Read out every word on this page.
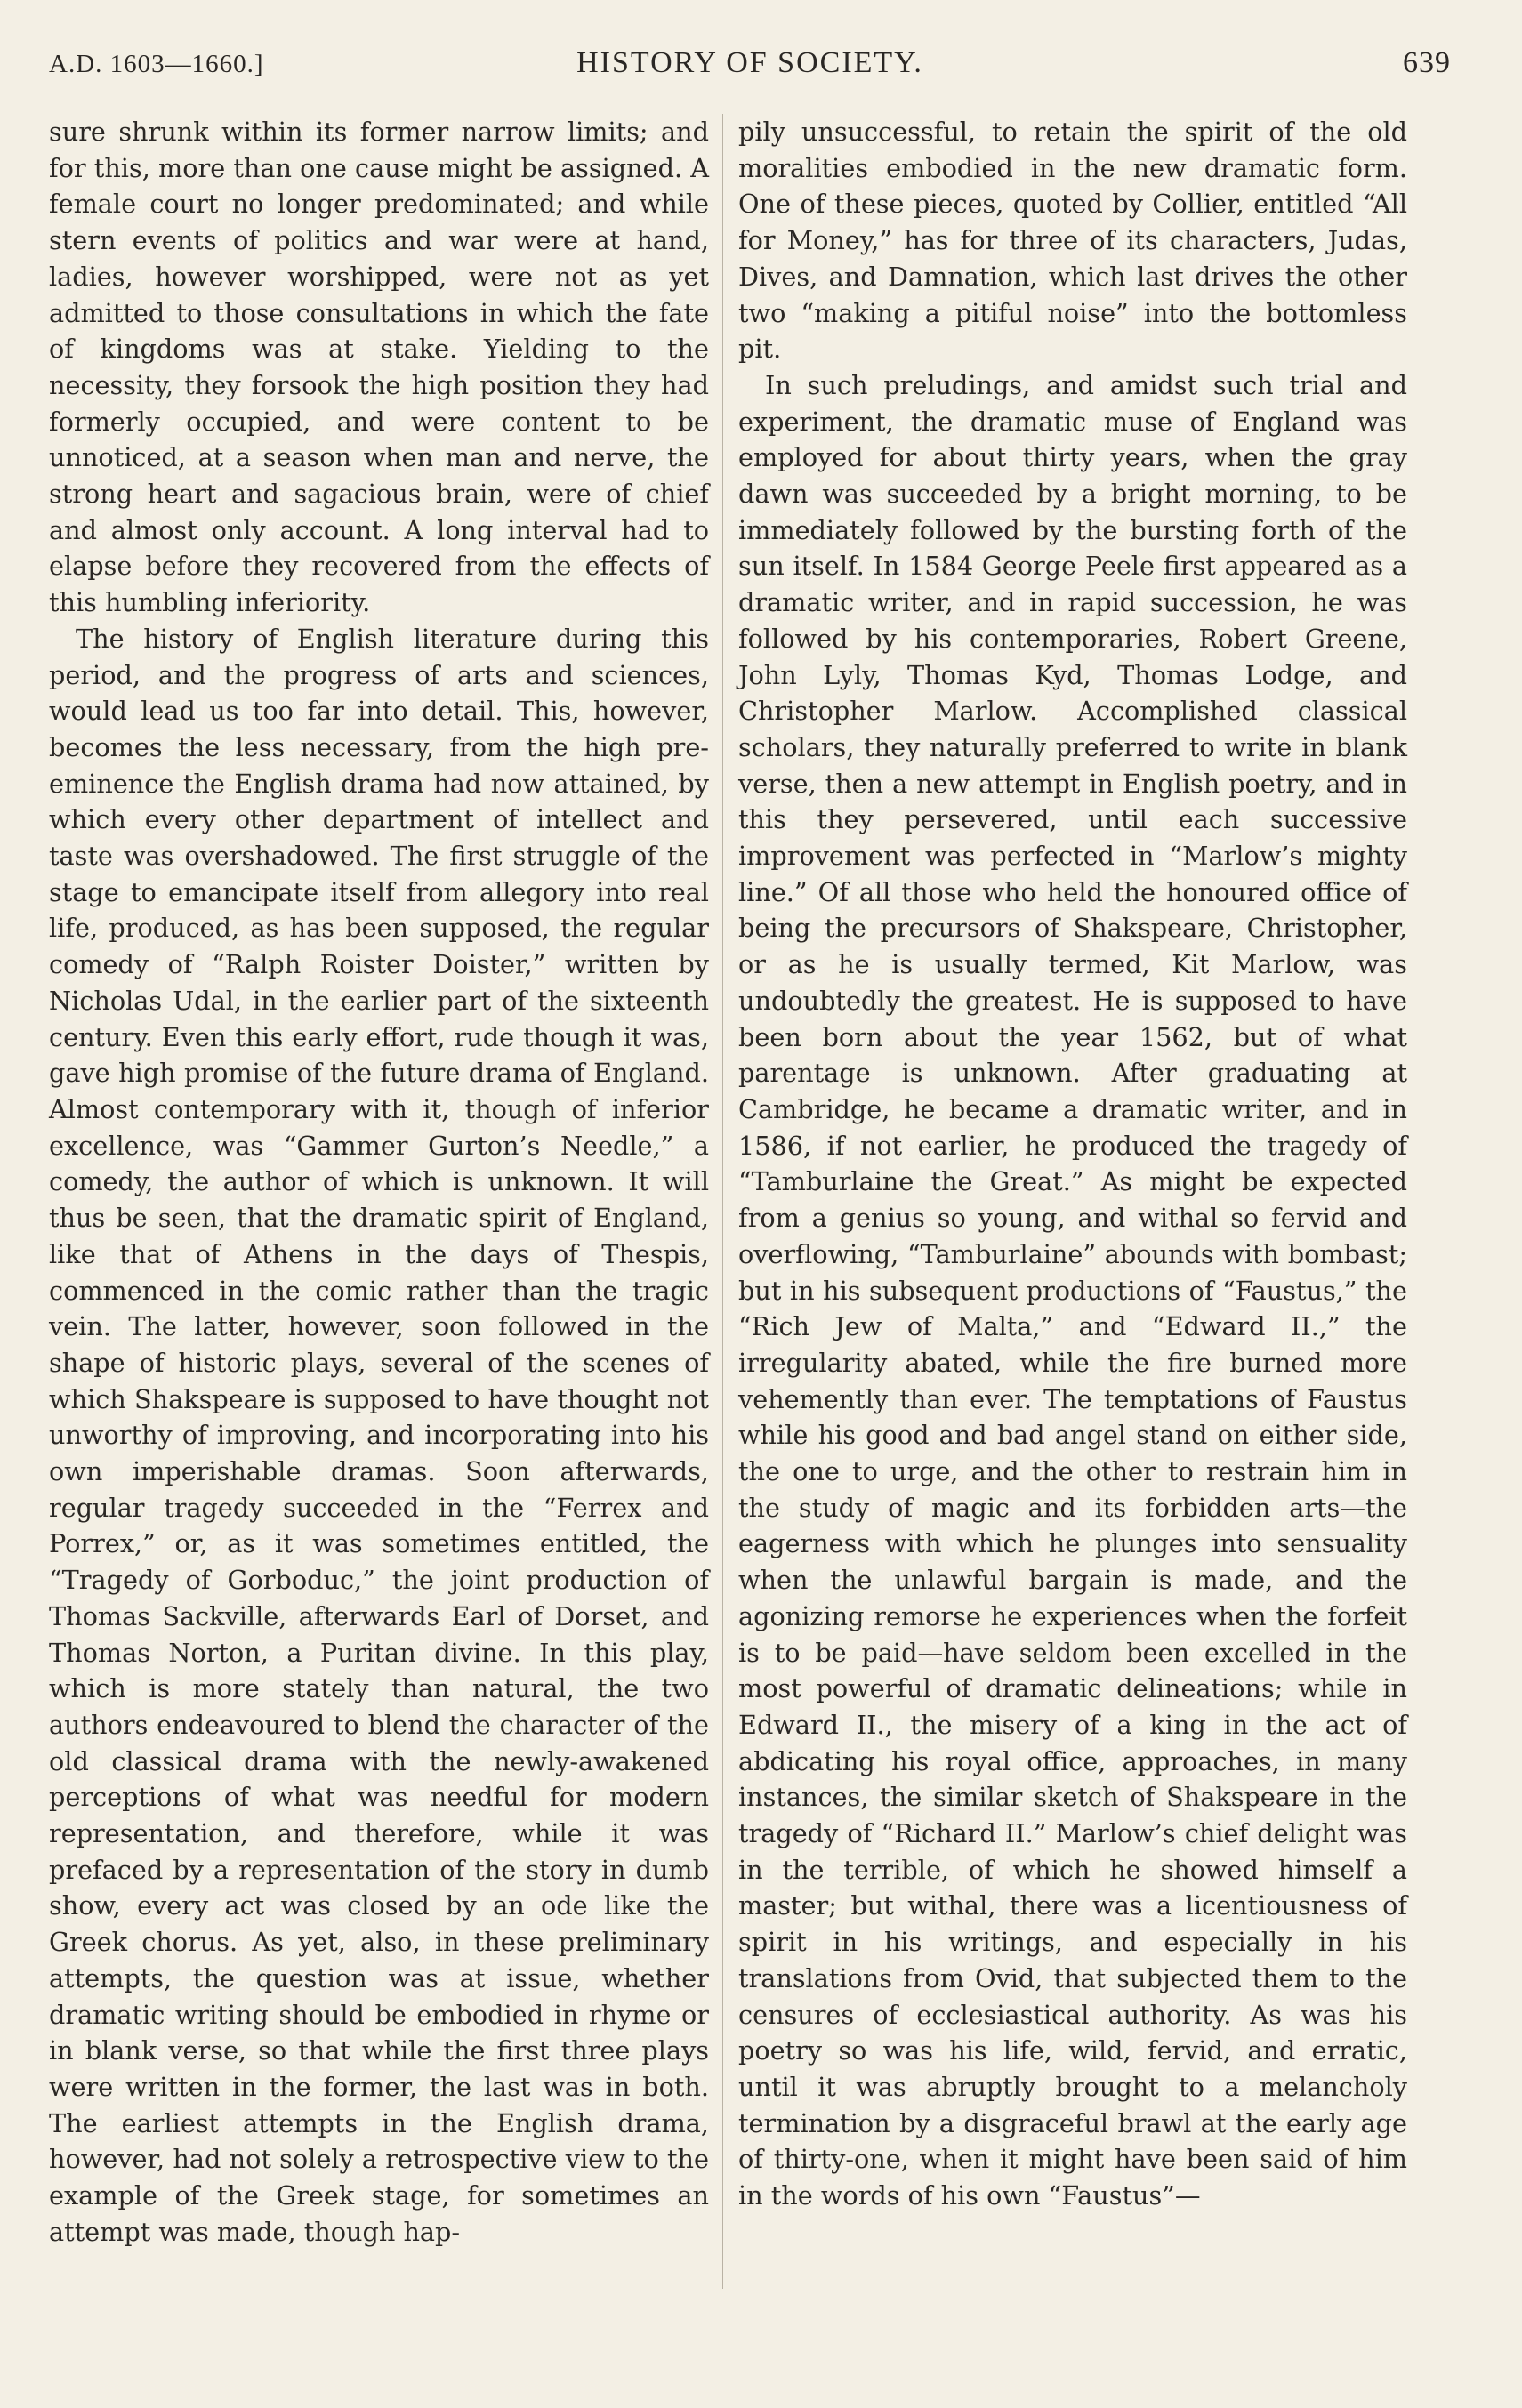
A.D. 1603—1660.]	HISTORY OF SOCIETY.	639

sure shrunk within its former narrow limits; and for this, more than one cause might be assigned. A female court no longer predominated; and while stern events of politics and war were at hand, ladies, however worshipped, were not as yet admitted to those consultations in which the fate of kingdoms was at stake. Yielding to the necessity, they forsook the high position they had formerly occupied, and were content to be unnoticed, at a season when man and nerve, the strong heart and sagacious brain, were of chief and almost only account. A long interval had to elapse before they recovered from the effects of this humbling inferiority.

The history of English literature during this period, and the progress of arts and sciences, would lead us too far into detail. This, however, becomes the less necessary, from the high pre-eminence the English drama had now attained, by which every other department of intellect and taste was overshadowed. The first struggle of the stage to emancipate itself from allegory into real life, produced, as has been supposed, the regular comedy of “Ralph Roister Doister,” written by Nicholas Udal, in the earlier part of the sixteenth century. Even this early effort, rude though it was, gave high promise of the future drama of England. Almost contemporary with it, though of inferior excellence, was “Gammer Gurton’s Needle,” a comedy, the author of which is unknown. It will thus be seen, that the dramatic spirit of England, like that of Athens in the days of Thespis, commenced in the comic rather than the tragic vein. The latter, however, soon followed in the shape of historic plays, several of the scenes of which Shakspeare is supposed to have thought not unworthy of improving, and incorporating into his own imperishable dramas. Soon afterwards, regular tragedy succeeded in the “Ferrex and Porrex,” or, as it was sometimes entitled, the “Tragedy of Gorboduc,” the joint production of Thomas Sackville, afterwards Earl of Dorset, and Thomas Norton, a Puritan divine. In this play, which is more stately than natural, the two authors endeavoured to blend the character of the old classical drama with the newly-awakened perceptions of what was needful for modern representation, and therefore, while it was prefaced by a representation of the story in dumb show, every act was closed by an ode like the Greek chorus. As yet, also, in these preliminary attempts, the question was at issue, whether dramatic writing should be embodied in rhyme or in blank verse, so that while the first three plays were written in the former, the last was in both. The earliest attempts in the English drama, however, had not solely a retrospective view to the example of the Greek stage, for sometimes an attempt was made, though hap-

pily unsuccessful, to retain the spirit of the old moralities embodied in the new dramatic form. One of these pieces, quoted by Collier, entitled “All for Money,” has for three of its characters, Judas, Dives, and Damnation, which last drives the other two “making a pitiful noise” into the bottomless pit.

In such preludings, and amidst such trial and experiment, the dramatic muse of England was employed for about thirty years, when the gray dawn was succeeded by a bright morning, to be immediately followed by the bursting forth of the sun itself. In 1584 George Peele first appeared as a dramatic writer, and in rapid succession, he was followed by his contemporaries, Robert Greene, John Lyly, Thomas Kyd, Thomas Lodge, and Christopher Marlow. Accomplished classical scholars, they naturally preferred to write in blank verse, then a new attempt in English poetry, and in this they persevered, until each successive improvement was perfected in “Marlow’s mighty line.” Of all those who held the honoured office of being the precursors of Shakspeare, Christopher, or as he is usually termed, Kit Marlow, was undoubtedly the greatest. He is supposed to have been born about the year 1562, but of what parentage is unknown. After graduating at Cambridge, he became a dramatic writer, and in 1586, if not earlier, he produced the tragedy of “Tamburlaine the Great.” As might be expected from a genius so young, and withal so fervid and overflowing, “Tamburlaine” abounds with bombast; but in his subsequent productions of “Faustus,” the “Rich Jew of Malta,” and “Edward II.,” the irregularity abated, while the fire burned more vehemently than ever. The temptations of Faustus while his good and bad angel stand on either side, the one to urge, and the other to restrain him in the study of magic and its forbidden arts—the eagerness with which he plunges into sensuality when the unlawful bargain is made, and the agonizing remorse he experiences when the forfeit is to be paid—have seldom been excelled in the most powerful of dramatic delineations; while in Edward II., the misery of a king in the act of abdicating his royal office, approaches, in many instances, the similar sketch of Shakspeare in the tragedy of “Richard II.” Marlow’s chief delight was in the terrible, of which he showed himself a master; but withal, there was a licentiousness of spirit in his writings, and especially in his translations from Ovid, that subjected them to the censures of ecclesiastical authority. As was his poetry so was his life, wild, fervid, and erratic, until it was abruptly brought to a melancholy termination by a disgraceful brawl at the early age of thirty-one, when it might have been said of him in the words of his own “Faustus”—
